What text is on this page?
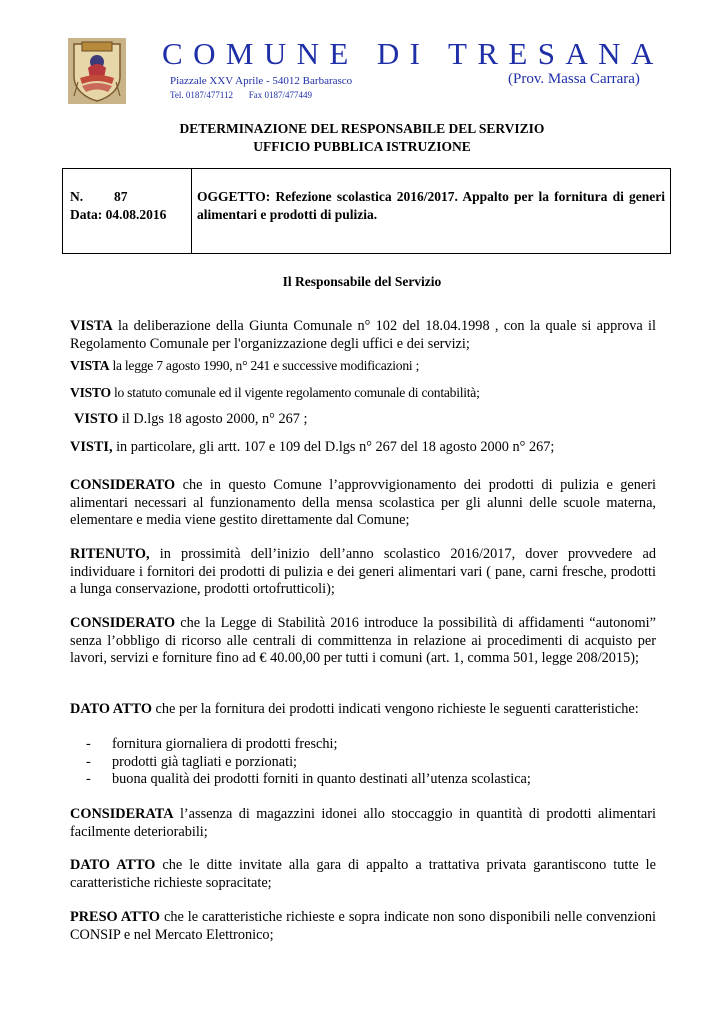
COMUNE DI TRESANA
Piazzale XXV Aprile - 54012 Barbarasco
Tel. 0187/477112 Fax 0187/477449
(Prov. Massa Carrara)
DETERMINAZIONE DEL RESPONSABILE DEL SERVIZIO
UFFICIO PUBBLICA ISTRUZIONE
N. 87
Data: 04.08.2016
OGGETTO: Refezione scolastica 2016/2017. Appalto per la fornitura di generi alimentari e prodotti di pulizia.
Il Responsabile del Servizio
VISTA la deliberazione della Giunta Comunale n° 102 del 18.04.1998 , con la quale si approva il Regolamento Comunale per l'organizzazione degli uffici e dei servizi;
VISTA la legge 7 agosto 1990, n° 241 e successive modificazioni ;
VISTO lo statuto comunale ed il vigente regolamento comunale di contabilità;
VISTO il D.lgs 18 agosto 2000, n° 267 ;
VISTI, in particolare, gli artt. 107 e 109 del D.lgs n° 267 del 18 agosto 2000 n° 267;
CONSIDERATO che in questo Comune l’approvvigionamento dei prodotti di pulizia e generi alimentari necessari al funzionamento della mensa scolastica per gli alunni delle scuole materna, elementare e media viene gestito direttamente dal Comune;
RITENUTO, in prossimità dell’inizio dell’anno scolastico 2016/2017, dover provvedere ad individuare i fornitori dei prodotti di pulizia e dei generi alimentari vari ( pane, carni fresche, prodotti a lunga conservazione, prodotti ortofrutticoli);
CONSIDERATO che la Legge di Stabilità 2016 introduce la possibilità di affidamenti “autonomi” senza l’obbligo di ricorso alle centrali di committenza in relazione ai procedimenti di acquisto per lavori, servizi e forniture fino ad € 40.00,00 per tutti i comuni (art. 1, comma 501, legge 208/2015);
DATO ATTO che per la fornitura dei prodotti indicati vengono richieste le seguenti caratteristiche:
- fornitura giornaliera di prodotti freschi;
- prodotti già tagliati e porzionati;
- buona qualità dei prodotti forniti in quanto destinati all’utenza scolastica;
CONSIDERATA l’assenza di magazzini idonei allo stoccaggio in quantità di prodotti alimentari facilmente deteriorabili;
DATO ATTO che le ditte invitate alla gara di appalto a trattativa privata garantiscono tutte le caratteristiche richieste sopracitate;
PRESO ATTO che le caratteristiche richieste e sopra indicate non sono disponibili nelle convenzioni CONSIP e nel Mercato Elettronico;
